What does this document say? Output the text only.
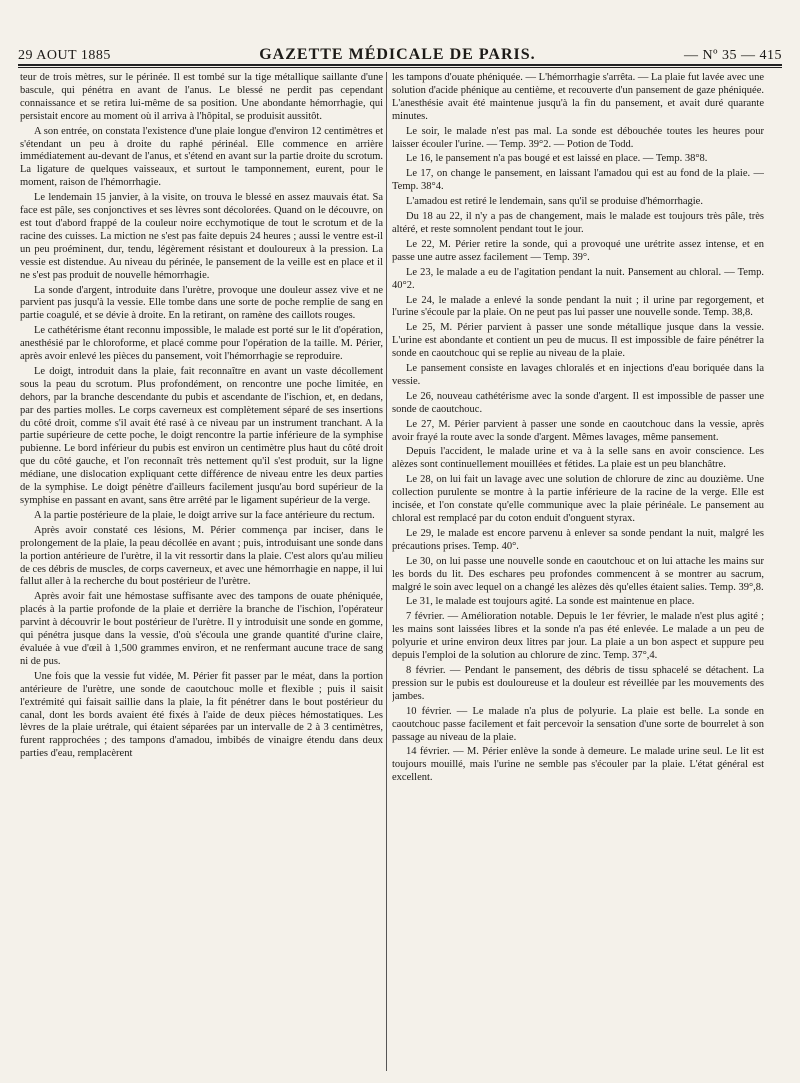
29 AOUT 1885	GAZETTE MÉDICALE DE PARIS.	— Nº 35 — 415

teur de trois mètres, sur le périnée. Il est tombé sur la tige métallique saillante d'une bascule, qui pénétra en avant de l'anus. Le blessé ne perdit pas cependant connaissance et se retira lui-même de sa position. Une abondante hémorrhagie, qui persistait encore au moment où il arriva à l'hôpital, se produisit aussitôt.

A son entrée, on constata l'existence d'une plaie longue d'environ 12 centimètres et s'étendant un peu à droite du raphé périnéal. Elle commence en arrière immédiatement au-devant de l'anus, et s'étend en avant sur la partie droite du scrotum. La ligature de quelques vaisseaux, et surtout le tamponnement, eurent, pour le moment, raison de l'hémorrhagie.

Le lendemain 15 janvier, à la visite, on trouva le blessé en assez mauvais état. Sa face est pâle, ses conjonctives et ses lèvres sont décolorées. Quand on le découvre, on est tout d'abord frappé de la couleur noire ecchymotique de tout le scrotum et de la racine des cuisses. La miction ne s'est pas faite depuis 24 heures ; aussi le ventre est-il un peu proéminent, dur, tendu, légèrement résistant et douloureux à la pression. La vessie est distendue. Au niveau du périnée, le pansement de la veille est en place et il ne s'est pas produit de nouvelle hémorrhagie.

La sonde d'argent, introduite dans l'urètre, provoque une douleur assez vive et ne parvient pas jusqu'à la vessie. Elle tombe dans une sorte de poche remplie de sang en partie coagulé, et se dévie à droite. En la retirant, on ramène des caillots rouges.

Le cathétérisme étant reconnu impossible, le malade est porté sur le lit d'opération, anesthésié par le chloroforme, et placé comme pour l'opération de la taille. M. Périer, après avoir enlevé les pièces du pansement, voit l'hémorrhagie se reproduire.

Le doigt, introduit dans la plaie, fait reconnaître en avant un vaste décollement sous la peau du scrotum. Plus profondément, on rencontre une poche limitée, en dehors, par la branche descendante du pubis et ascendante de l'ischion, et, en dedans, par des parties molles. Le corps caverneux est complètement séparé de ses insertions du côté droit, comme s'il avait été rasé à ce niveau par un instrument tranchant. A la partie supérieure de cette poche, le doigt rencontre la partie inférieure de la symphise pubienne. Le bord inférieur du pubis est environ un centimètre plus haut du côté droit que du côté gauche, et l'on reconnaît très nettement qu'il s'est produit, sur la ligne médiane, une dislocation expliquant cette différence de niveau entre les deux parties de la symphise. Le doigt pénètre d'ailleurs facilement jusqu'au bord supérieur de la symphise en passant en avant, sans être arrêté par le ligament supérieur de la verge.

A la partie postérieure de la plaie, le doigt arrive sur la face antérieure du rectum.

Après avoir constaté ces lésions, M. Périer commença par inciser, dans le prolongement de la plaie, la peau décollée en avant ; puis, introduisant une sonde dans la portion antérieure de l'urètre, il la vit ressortir dans la plaie. C'est alors qu'au milieu de ces débris de muscles, de corps caverneux, et avec une hémorrhagie en nappe, il lui fallut aller à la recherche du bout postérieur de l'urètre.

Après avoir fait une hémostase suffisante avec des tampons de ouate phéniquée, placés à la partie profonde de la plaie et derrière la branche de l'ischion, l'opérateur parvint à découvrir le bout postérieur de l'urètre. Il y introduisit une sonde en gomme, qui pénétra jusque dans la vessie, d'où s'écoula une grande quantité d'urine claire, évaluée à vue d'œil à 1,500 grammes environ, et ne renfermant aucune trace de sang ni de pus.

Une fois que la vessie fut vidée, M. Périer fit passer par le méat, dans la portion antérieure de l'urètre, une sonde de caoutchouc molle et flexible ; puis il saisit l'extrémité qui faisait saillie dans la plaie, la fit pénétrer dans le bout postérieur du canal, dont les bords avaient été fixés à l'aide de deux pièces hémostatiques. Les lèvres de la plaie urétrale, qui étaient séparées par un intervalle de 2 à 3 centimètres, furent rapprochées ; des tampons d'amadou, imbibés de vinaigre étendu dans deux parties d'eau, remplacèrent

les tampons d'ouate phéniquée. — L'hémorrhagie s'arrêta. — La plaie fut lavée avec une solution d'acide phénique au centième, et recouverte d'un pansement de gaze phéniquée. L'anesthésie avait été maintenue jusqu'à la fin du pansement, et avait duré quarante minutes.

Le soir, le malade n'est pas mal. La sonde est débouchée toutes les heures pour laisser écouler l'urine. — Temp. 39°2. — Potion de Todd.

Le 16, le pansement n'a pas bougé et est laissé en place. — Temp. 38°8.

Le 17, on change le pansement, en laissant l'amadou qui est au fond de la plaie. — Temp. 38°4.

L'amadou est retiré le lendemain, sans qu'il se produise d'hémorrhagie.

Du 18 au 22, il n'y a pas de changement, mais le malade est toujours très pâle, très altéré, et reste somnolent pendant tout le jour.

Le 22, M. Périer retire la sonde, qui a provoqué une urétrite assez intense, et en passe une autre assez facilement — Temp. 39°.

Le 23, le malade a eu de l'agitation pendant la nuit. Pansement au chloral. — Temp. 40°2.

Le 24, le malade a enlevé la sonde pendant la nuit ; il urine par regorgement, et l'urine s'écoule par la plaie. On ne peut pas lui passer une nouvelle sonde. Temp. 38,8.

Le 25, M. Périer parvient à passer une sonde métallique jusque dans la vessie. L'urine est abondante et contient un peu de mucus. Il est impossible de faire pénétrer la sonde en caoutchouc qui se replie au niveau de la plaie.

Le pansement consiste en lavages chloralés et en injections d'eau boriquée dans la vessie.

Le 26, nouveau cathétérisme avec la sonde d'argent. Il est impossible de passer une sonde de caoutchouc.

Le 27, M. Périer parvient à passer une sonde en caoutchouc dans la vessie, après avoir frayé la route avec la sonde d'argent. Mêmes lavages, même pansement.

Depuis l'accident, le malade urine et va à la selle sans en avoir conscience. Les alèzes sont continuellement mouillées et fétides. La plaie est un peu blanchâtre.

Le 28, on lui fait un lavage avec une solution de chlorure de zinc au douzième. Une collection purulente se montre à la partie inférieure de la racine de la verge. Elle est incisée, et l'on constate qu'elle communique avec la plaie périnéale. Le pansement au chloral est remplacé par du coton enduit d'onguent styrax.

Le 29, le malade est encore parvenu à enlever sa sonde pendant la nuit, malgré les précautions prises. Temp. 40°.

Le 30, on lui passe une nouvelle sonde en caoutchouc et on lui attache les mains sur les bords du lit. Des eschares peu profondes commencent à se montrer au sacrum, malgré le soin avec lequel on a changé les alèzes dès qu'elles étaient salies. Temp. 39°,8.

Le 31, le malade est toujours agité. La sonde est maintenue en place.

7 février. — Amélioration notable. Depuis le 1er février, le malade n'est plus agité ; les mains sont laissées libres et la sonde n'a pas été enlevée. Le malade a un peu de polyurie et urine environ deux litres par jour. La plaie a un bon aspect et suppure peu depuis l'emploi de la solution au chlorure de zinc. Temp. 37°,4.

8 février. — Pendant le pansement, des débris de tissu sphacelé se détachent. La pression sur le pubis est douloureuse et la douleur est réveillée par les mouvements des jambes.

10 février. — Le malade n'a plus de polyurie. La plaie est belle. La sonde en caoutchouc passe facilement et fait percevoir la sensation d'une sorte de bourrelet à son passage au niveau de la plaie.

14 février. — M. Périer enlève la sonde à demeure. Le malade urine seul. Le lit est toujours mouillé, mais l'urine ne semble pas s'écouler par la plaie. L'état général est excellent.
